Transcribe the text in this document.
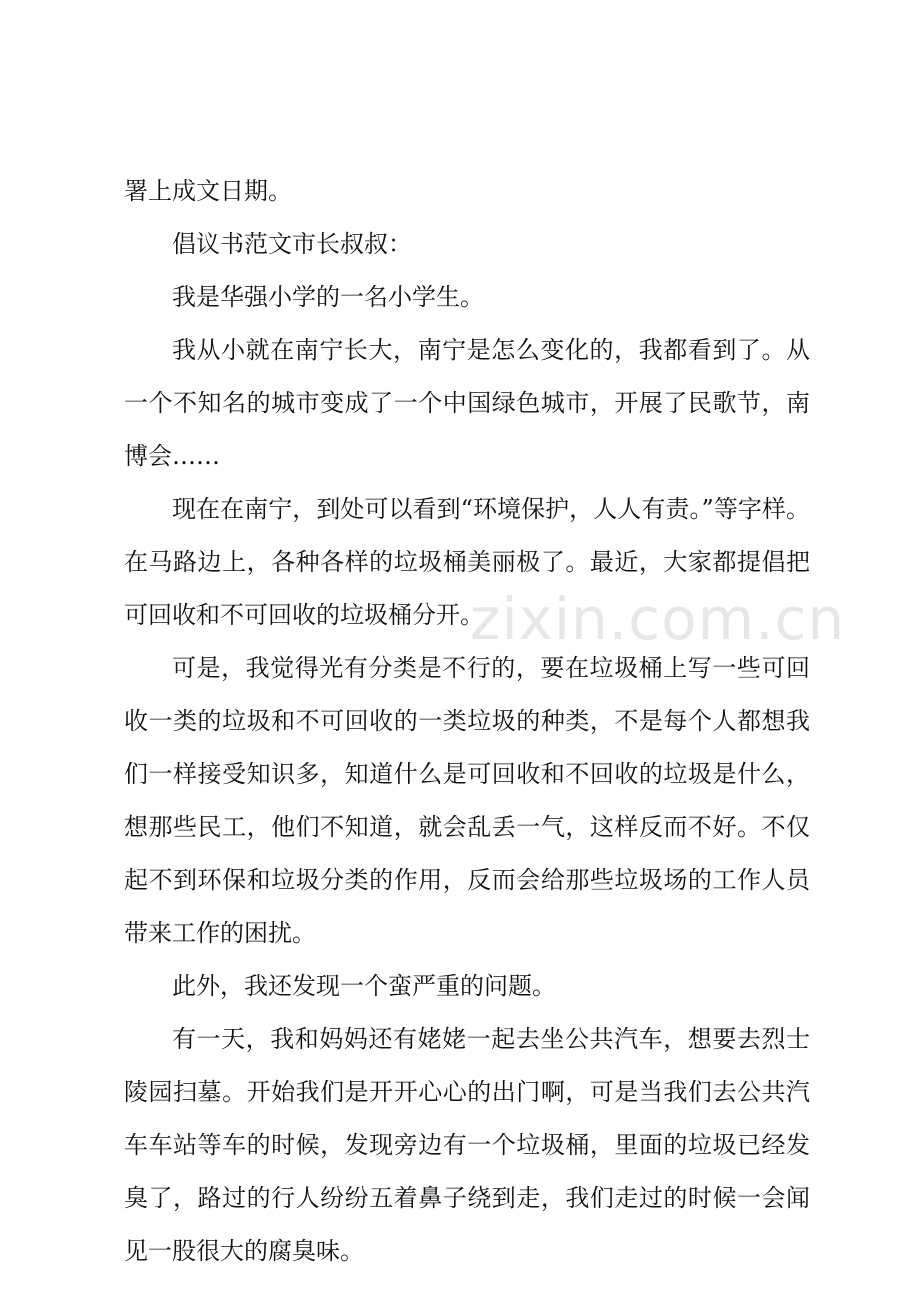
署上成文日期。

倡议书范文市长叔叔：

我是华强小学的一名小学生。

我从小就在南宁长大，南宁是怎么变化的，我都看到了。从一个不知名的城市变成了一个中国绿色城市，开展了民歌节，南博会……

现在在南宁，到处可以看到“环境保护，人人有责。”等字样。在马路边上，各种各样的垃圾桶美丽极了。最近，大家都提倡把可回收和不可回收的垃圾桶分开。

可是，我觉得光有分类是不行的，要在垃圾桶上写一些可回收一类的垃圾和不可回收的一类垃圾的种类，不是每个人都想我们一样接受知识多，知道什么是可回收和不回收的垃圾是什么，想那些民工，他们不知道，就会乱丢一气，这样反而不好。不仅起不到环保和垃圾分类的作用，反而会给那些垃圾场的工作人员带来工作的困扰。

此外，我还发现一个蛮严重的问题。

有一天，我和妈妈还有姥姥一起去坐公共汽车，想要去烈士陵园扫墓。开始我们是开开心心的出门啊，可是当我们去公共汽车车站等车的时候，发现旁边有一个垃圾桶，里面的垃圾已经发臭了，路过的行人纷纷五着鼻子绕到走，我们走过的时候一会闻见一股很大的腐臭味。

zixin.com.cn
